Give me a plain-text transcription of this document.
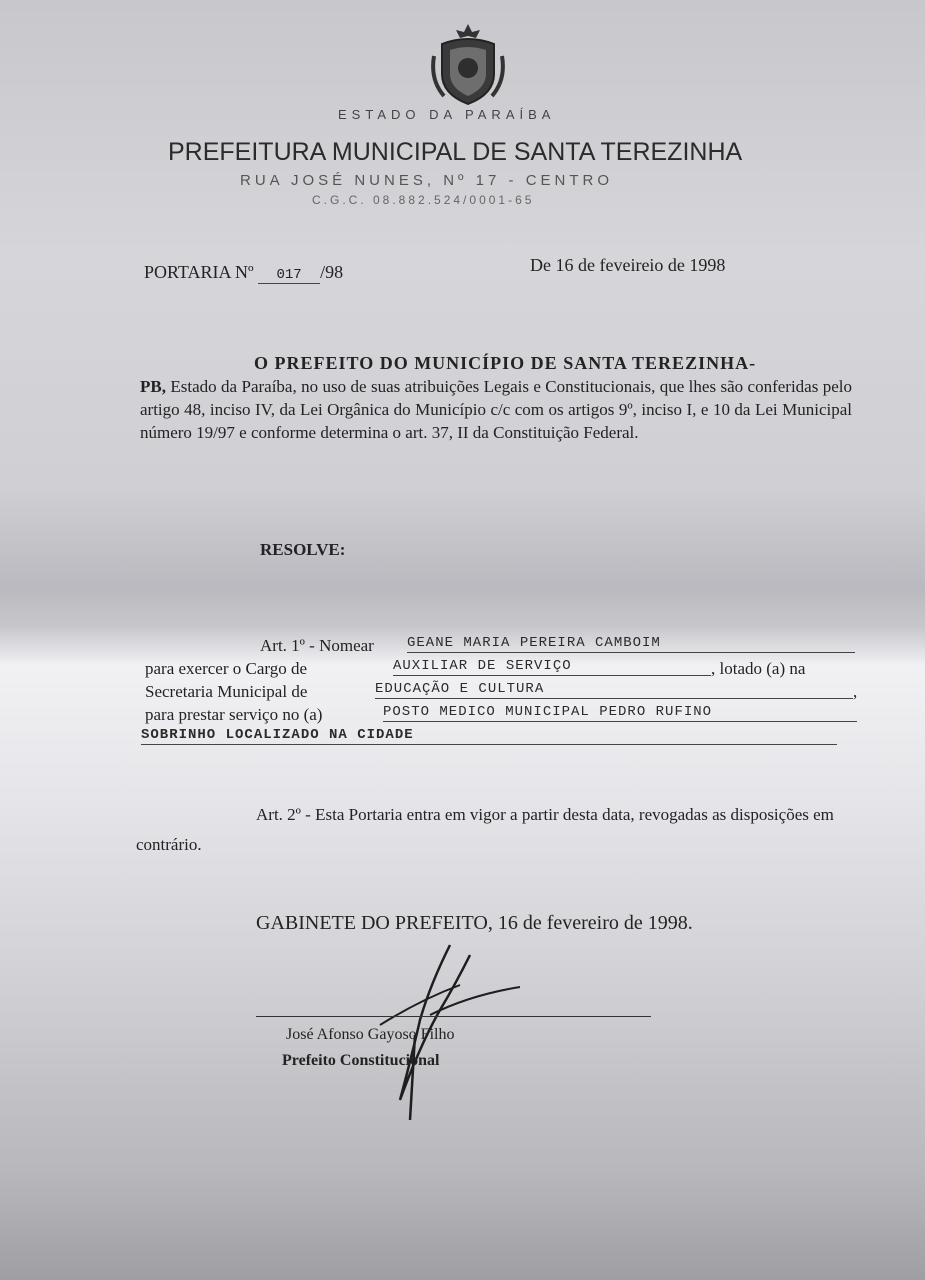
ESTADO DA PARAÍBA
PREFEITURA MUNICIPAL DE SANTA TEREZINHA
RUA JOSÉ NUNES, Nº 17 - CENTRO
C.G.C. 08.882.524/0001-65
PORTARIA Nº 017 /98	De 16 de feveireio de 1998
O PREFEITO DO MUNICÍPIO DE SANTA TEREZINHA-
PB, Estado da Paraíba, no uso de suas atribuições Legais e Constitucionais, que lhes são conferidas pelo artigo 48, inciso IV, da Lei Orgânica do Município c/c com os artigos 9º, inciso I, e 10 da Lei Municipal número 19/97 e conforme determina o art. 37, II da Constituição Federal.
RESOLVE:
Art. 1º - Nomear GEANE MARIA PEREIRA CAMBOIM
para exercer o Cargo de	AUXILIAR DE SERVIÇO	, lotado (a) na
Secretaria Municipal de	EDUCAÇÃO E CULTURA	,
para prestar serviço no (a)	POSTO MEDICO MUNICIPAL PEDRO RUFINO
SOBRINHO LOCALIZADO NA CIDADE
Art. 2º - Esta Portaria entra em vigor a partir desta data, revogadas as disposições em contrário.
GABINETE DO PREFEITO, 16 de fevereiro de 1998.
José Afonso Gayoso Filho
Prefeito Constitucional
